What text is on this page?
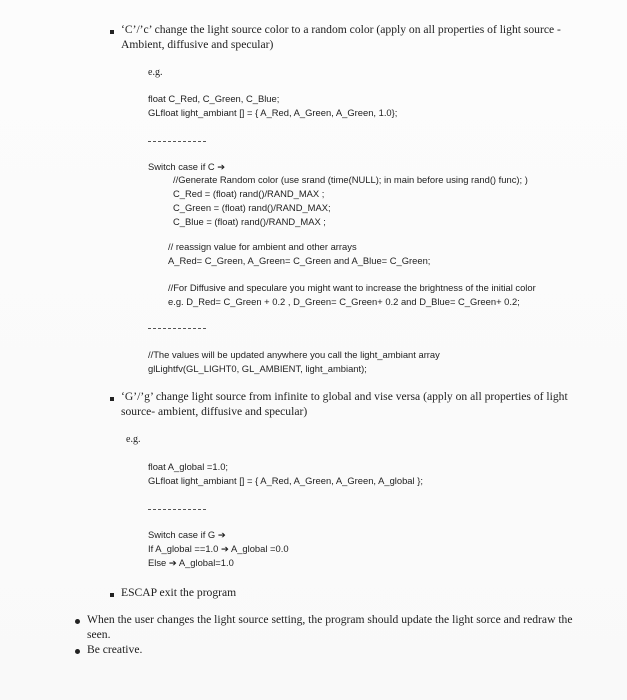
‘C’/’c’ change the light source color to a random color (apply on all properties of light source -
Ambient, diffusive and specular)
e.g.
float C_Red, C_Green, C_Blue;
GLfloat light_ambiant [] = { A_Red, A_Green, A_Green, 1.0};
Switch case if C ➔
//Generate Random color (use srand (time(NULL); in main before using rand() func); )
C_Red = (float) rand()/RAND_MAX ;
C_Green = (float) rand()/RAND_MAX;
C_Blue = (float) rand()/RAND_MAX ;
// reassign value for ambient and other arrays
A_Red= C_Green, A_Green= C_Green and A_Blue= C_Green;
//For Diffusive and speculare you might want to increase the brightness of the initial color
e.g. D_Red= C_Green + 0.2 , D_Green= C_Green+ 0.2 and D_Blue= C_Green+ 0.2;
//The values will be updated anywhere you call the light_ambiant array
glLightfv(GL_LIGHT0, GL_AMBIENT, light_ambiant);
‘G’/’g’ change light source from infinite to global and vise versa (apply on all properties of light
source- ambient, diffusive and specular)
e.g.
float A_global =1.0;
GLfloat light_ambiant [] = { A_Red, A_Green, A_Green, A_global };
Switch case if G ➔
If A_global ==1.0 ➔ A_global =0.0
Else ➔ A_global=1.0
ESCAP exit the program
When the user changes the light source setting, the program should update the light sorce and redraw the
seen.
Be creative.
